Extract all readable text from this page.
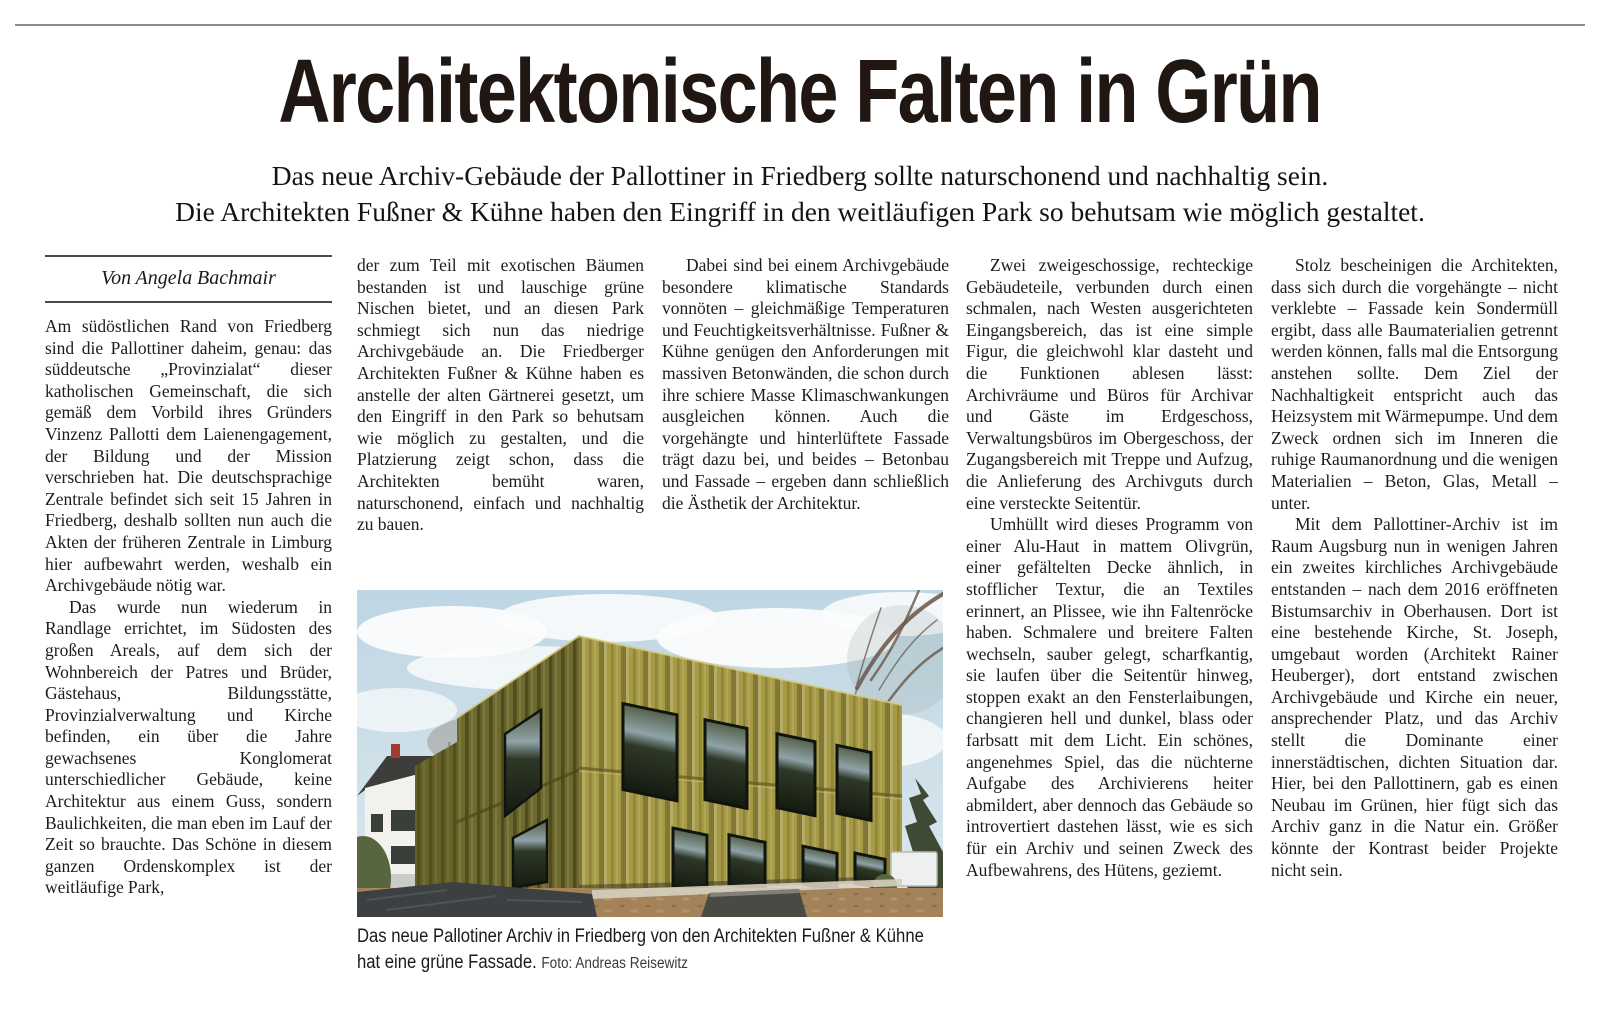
Architektonische Falten in Grün
Das neue Archiv-Gebäude der Pallottiner in Friedberg sollte naturschonend und nachhaltig sein.
Die Architekten Fußner & Kühne haben den Eingriff in den weitläufigen Park so behutsam wie möglich gestaltet.
Von Angela Bachmair

Am südöstlichen Rand von Friedberg sind die Pallottiner daheim, genau: das süddeutsche „Provinzialat“ dieser katholischen Gemeinschaft, die sich gemäß dem Vorbild ihres Gründers Vinzenz Pallotti dem Laienengagement, der Bildung und der Mission verschrieben hat. Die deutschsprachige Zentrale befindet sich seit 15 Jahren in Friedberg, deshalb sollten nun auch die Akten der früheren Zentrale in Limburg hier aufbewahrt werden, weshalb ein Archivgebäude nötig war.

Das wurde nun wiederum in Randlage errichtet, im Südosten des großen Areals, auf dem sich der Wohnbereich der Patres und Brüder, Gästehaus, Bildungsstätte, Provinzialverwaltung und Kirche befinden, ein über die Jahre gewachsenes Konglomerat unterschiedlicher Gebäude, keine Architektur aus einem Guss, sondern Baulichkeiten, die man eben im Lauf der Zeit so brauchte. Das Schöne in diesem ganzen Ordenskomplex ist der weitläufige Park,

der zum Teil mit exotischen Bäumen bestanden ist und lauschige grüne Nischen bietet, und an diesen Park schmiegt sich nun das niedrige Archivgebäude an. Die Friedberger Architekten Fußner & Kühne haben es anstelle der alten Gärtnerei gesetzt, um den Eingriff in den Park so behutsam wie möglich zu gestalten, und die Platzierung zeigt schon, dass die Architekten bemüht waren, naturschonend, einfach und nachhaltig zu bauen.

Dabei sind bei einem Archivgebäude besondere klimatische Standards vonnöten – gleichmäßige Temperaturen und Feuchtigkeitsverhältnisse. Fußner & Kühne genügen den Anforderungen mit massiven Betonwänden, die schon durch ihre schiere Masse Klimaschwankungen ausgleichen können. Auch die vorgehängte und hinterlüftete Fassade trägt dazu bei, und beides – Betonbau und Fassade – ergeben dann schließlich die Ästhetik der Architektur.

Zwei zweigeschossige, rechteckige Gebäudeteile, verbunden durch einen schmalen, nach Westen ausgerichteten Eingangsbereich, das ist eine simple Figur, die gleichwohl klar dasteht und die Funktionen ablesen lässt: Archivräume und Büros für Archivar und Gäste im Erdgeschoss, Verwaltungsbüros im Obergeschoss, der Zugangsbereich mit Treppe und Aufzug, die Anlieferung des Archivguts durch eine versteckte Seitentür.

Umhüllt wird dieses Programm von einer Alu-Haut in mattem Olivgrün, einer gefältelten Decke ähnlich, in stofflicher Textur, die an Textiles erinnert, an Plissee, wie ihn Faltenröcke haben. Schmalere und breitere Falten wechseln, sauber gelegt, scharfkantig, sie laufen über die Seitentür hinweg, stoppen exakt an den Fensterlaibungen, changieren hell und dunkel, blass oder farbsatt mit dem Licht. Ein schönes, angenehmes Spiel, das die nüchterne Aufgabe des Archivierens heiter abmildert, aber dennoch das Gebäude so introvertiert dastehen lässt, wie es sich für ein Archiv und seinen Zweck des Aufbewahrens, des Hütens, geziemt.

Stolz bescheinigen die Architekten, dass sich durch die vorgehängte – nicht verklebte – Fassade kein Sondermüll ergibt, dass alle Baumaterialien getrennt werden können, falls mal die Entsorgung anstehen sollte. Dem Ziel der Nachhaltigkeit entspricht auch das Heizsystem mit Wärmepumpe. Und dem Zweck ordnen sich im Inneren die ruhige Raumanordnung und die wenigen Materialien – Beton, Glas, Metall – unter.

Mit dem Pallottiner-Archiv ist im Raum Augsburg nun in wenigen Jahren ein zweites kirchliches Archivgebäude entstanden – nach dem 2016 eröffneten Bistumsarchiv in Oberhausen. Dort ist eine bestehende Kirche, St. Joseph, umgebaut worden (Architekt Rainer Heuberger), dort entstand zwischen Archivgebäude und Kirche ein neuer, ansprechender Platz, und das Archiv stellt die Dominante einer innerstädtischen, dichten Situation dar. Hier, bei den Pallottinern, gab es einen Neubau im Grünen, hier fügt sich das Archiv ganz in die Natur ein. Größer könnte der Kontrast beider Projekte nicht sein.

Das neue Pallotiner Archiv in Friedberg von den Architekten Fußner & Kühne hat eine grüne Fassade. Foto: Andreas Reisewitz
